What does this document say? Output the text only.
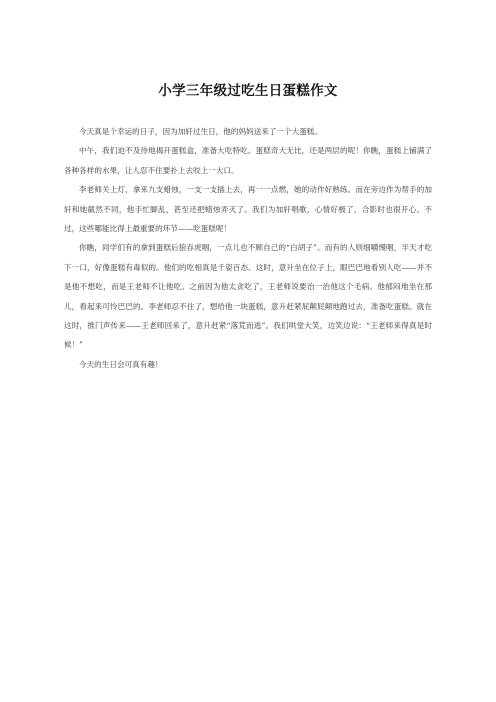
小学三年级过吃生日蛋糕作文

今天真是个幸运的日子，因为加轩过生日，他的妈妈送来了一个大蛋糕。

中午，我们迫不及待地揭开蛋糕盒，准备大吃特吃。蛋糕奇大无比，还是两层的呢！你瞧，蛋糕上铺满了各种各样的水果，让人忍不住要扑上去咬上一大口。

李老师关上灯，拿来九支蜡烛，一支一支插上去，再一一点燃，她的动作好熟练。而在旁边作为帮手的加轩和她截然不同，他手忙脚乱，甚至还把蜡烛弄灭了。我们为加轩唱歌，心情好极了，合影时也很开心。不过，这些哪能比得上最重要的环节——吃蛋糕呢！

你瞧，同学们有的拿到蛋糕后狼吞虎咽，一点儿也不顾自己的“白胡子”。而有的人则细嚼慢咽，半天才吃下一口，好像蛋糕有毒似的。他们的吃相真是千姿百态。这时，意升坐在位子上，眼巴巴地看别人吃——并不是他不想吃，而是王老师不让他吃。之前因为他太贪吃了，王老师说要治一治他这个毛病。他郁闷地坐在那儿，看起来可怜巴巴的。李老师忍不住了，想给他一块蛋糕，意升赶紧屁颠屁颠地跑过去，准备吃蛋糕。就在这时，推门声传来——王老师回来了，意升赶紧“落荒而逃”。我们哄堂大笑，边笑边说：“王老师来得真是时候！”

今天的生日会可真有趣！
